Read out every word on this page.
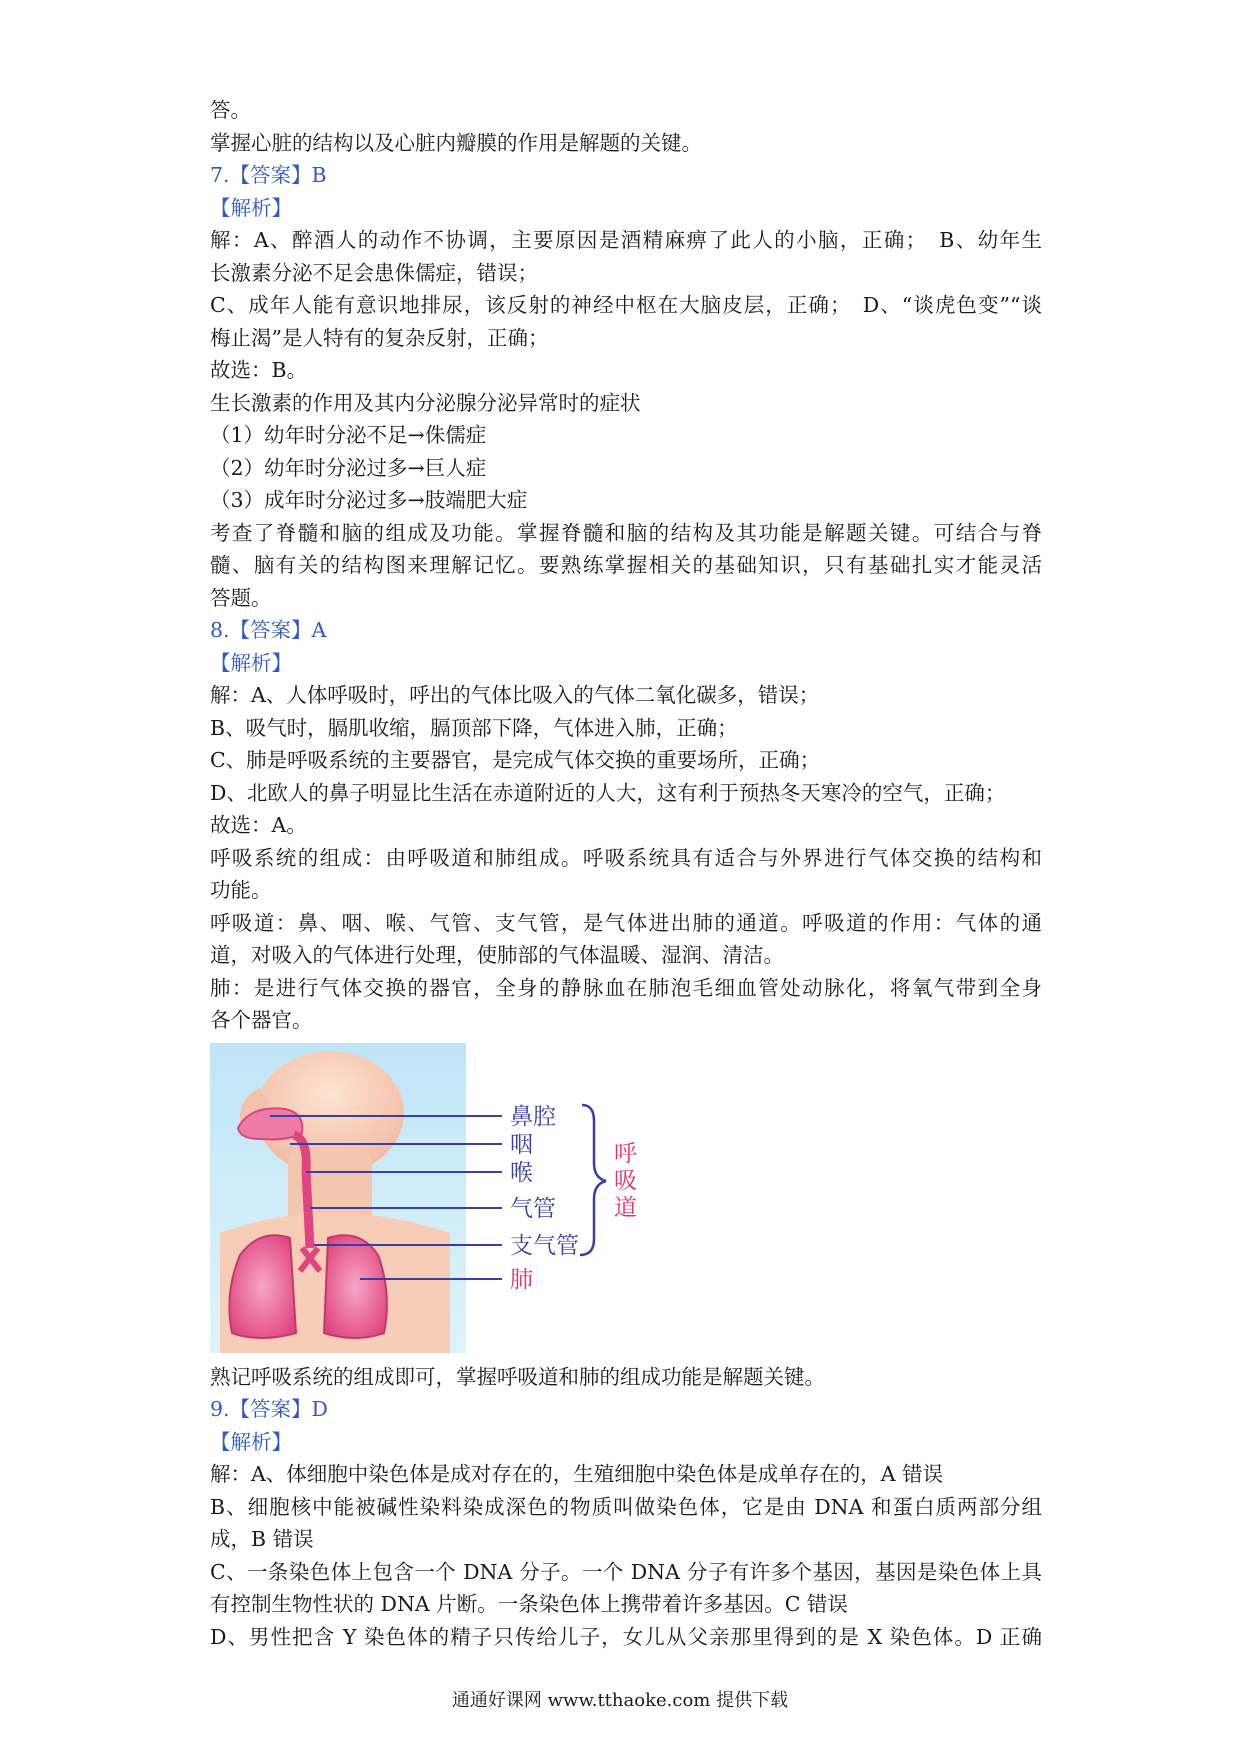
答。
掌握心脏的结构以及心脏内瓣膜的作用是解题的关键。
7.【答案】B
【解析】
解：A、醉酒人的动作不协调，主要原因是酒精麻痹了此人的小脑，正确；　B、幼年生
长激素分泌不足会患侏儒症，错误；
C、成年人能有意识地排尿，该反射的神经中枢在大脑皮层，正确；　D、“谈虎色变”“谈
梅止渴”是人特有的复杂反射，正确；
故选：B。
生长激素的作用及其内分泌腺分泌异常时的症状
（1）幼年时分泌不足→侏儒症
（2）幼年时分泌过多→巨人症
（3）成年时分泌过多→肢端肥大症
考查了脊髓和脑的组成及功能。掌握脊髓和脑的结构及其功能是解题关键。可结合与脊
髓、脑有关的结构图来理解记忆。要熟练掌握相关的基础知识，只有基础扎实才能灵活
答题。
8.【答案】A
【解析】
解：A、人体呼吸时，呼出的气体比吸入的气体二氧化碳多，错误；
B、吸气时，膈肌收缩，膈顶部下降，气体进入肺，正确；
C、肺是呼吸系统的主要器官，是完成气体交换的重要场所，正确；
D、北欧人的鼻子明显比生活在赤道附近的人大，这有利于预热冬天寒冷的空气，正确；
故选：A。
呼吸系统的组成：由呼吸道和肺组成。呼吸系统具有适合与外界进行气体交换的结构和
功能。
呼吸道：鼻、咽、喉、气管、支气管，是气体进出肺的通道。呼吸道的作用：气体的通
道，对吸入的气体进行处理，使肺部的气体温暖、湿润、清洁。
肺：是进行气体交换的器官，全身的静脉血在肺泡毛细血管处动脉化，将氧气带到全身
各个器官。
鼻腔
咽
喉
气管
支气管
肺
呼
吸
道
熟记呼吸系统的组成即可，掌握呼吸道和肺的组成功能是解题关键。
9.【答案】D
【解析】
解：A、体细胞中染色体是成对存在的，生殖细胞中染色体是成单存在的，A 错误
B、细胞核中能被碱性染料染成深色的物质叫做染色体，它是由 DNA 和蛋白质两部分组
成，B 错误
C、一条染色体上包含一个 DNA 分子。一个 DNA 分子有许多个基因，基因是染色体上具
有控制生物性状的 DNA 片断。一条染色体上携带着许多基因。C 错误
D、男性把含 Y 染色体的精子只传给儿子，女儿从父亲那里得到的是 X 染色体。D 正确
通通好课网 www.tthaoke.com 提供下载
